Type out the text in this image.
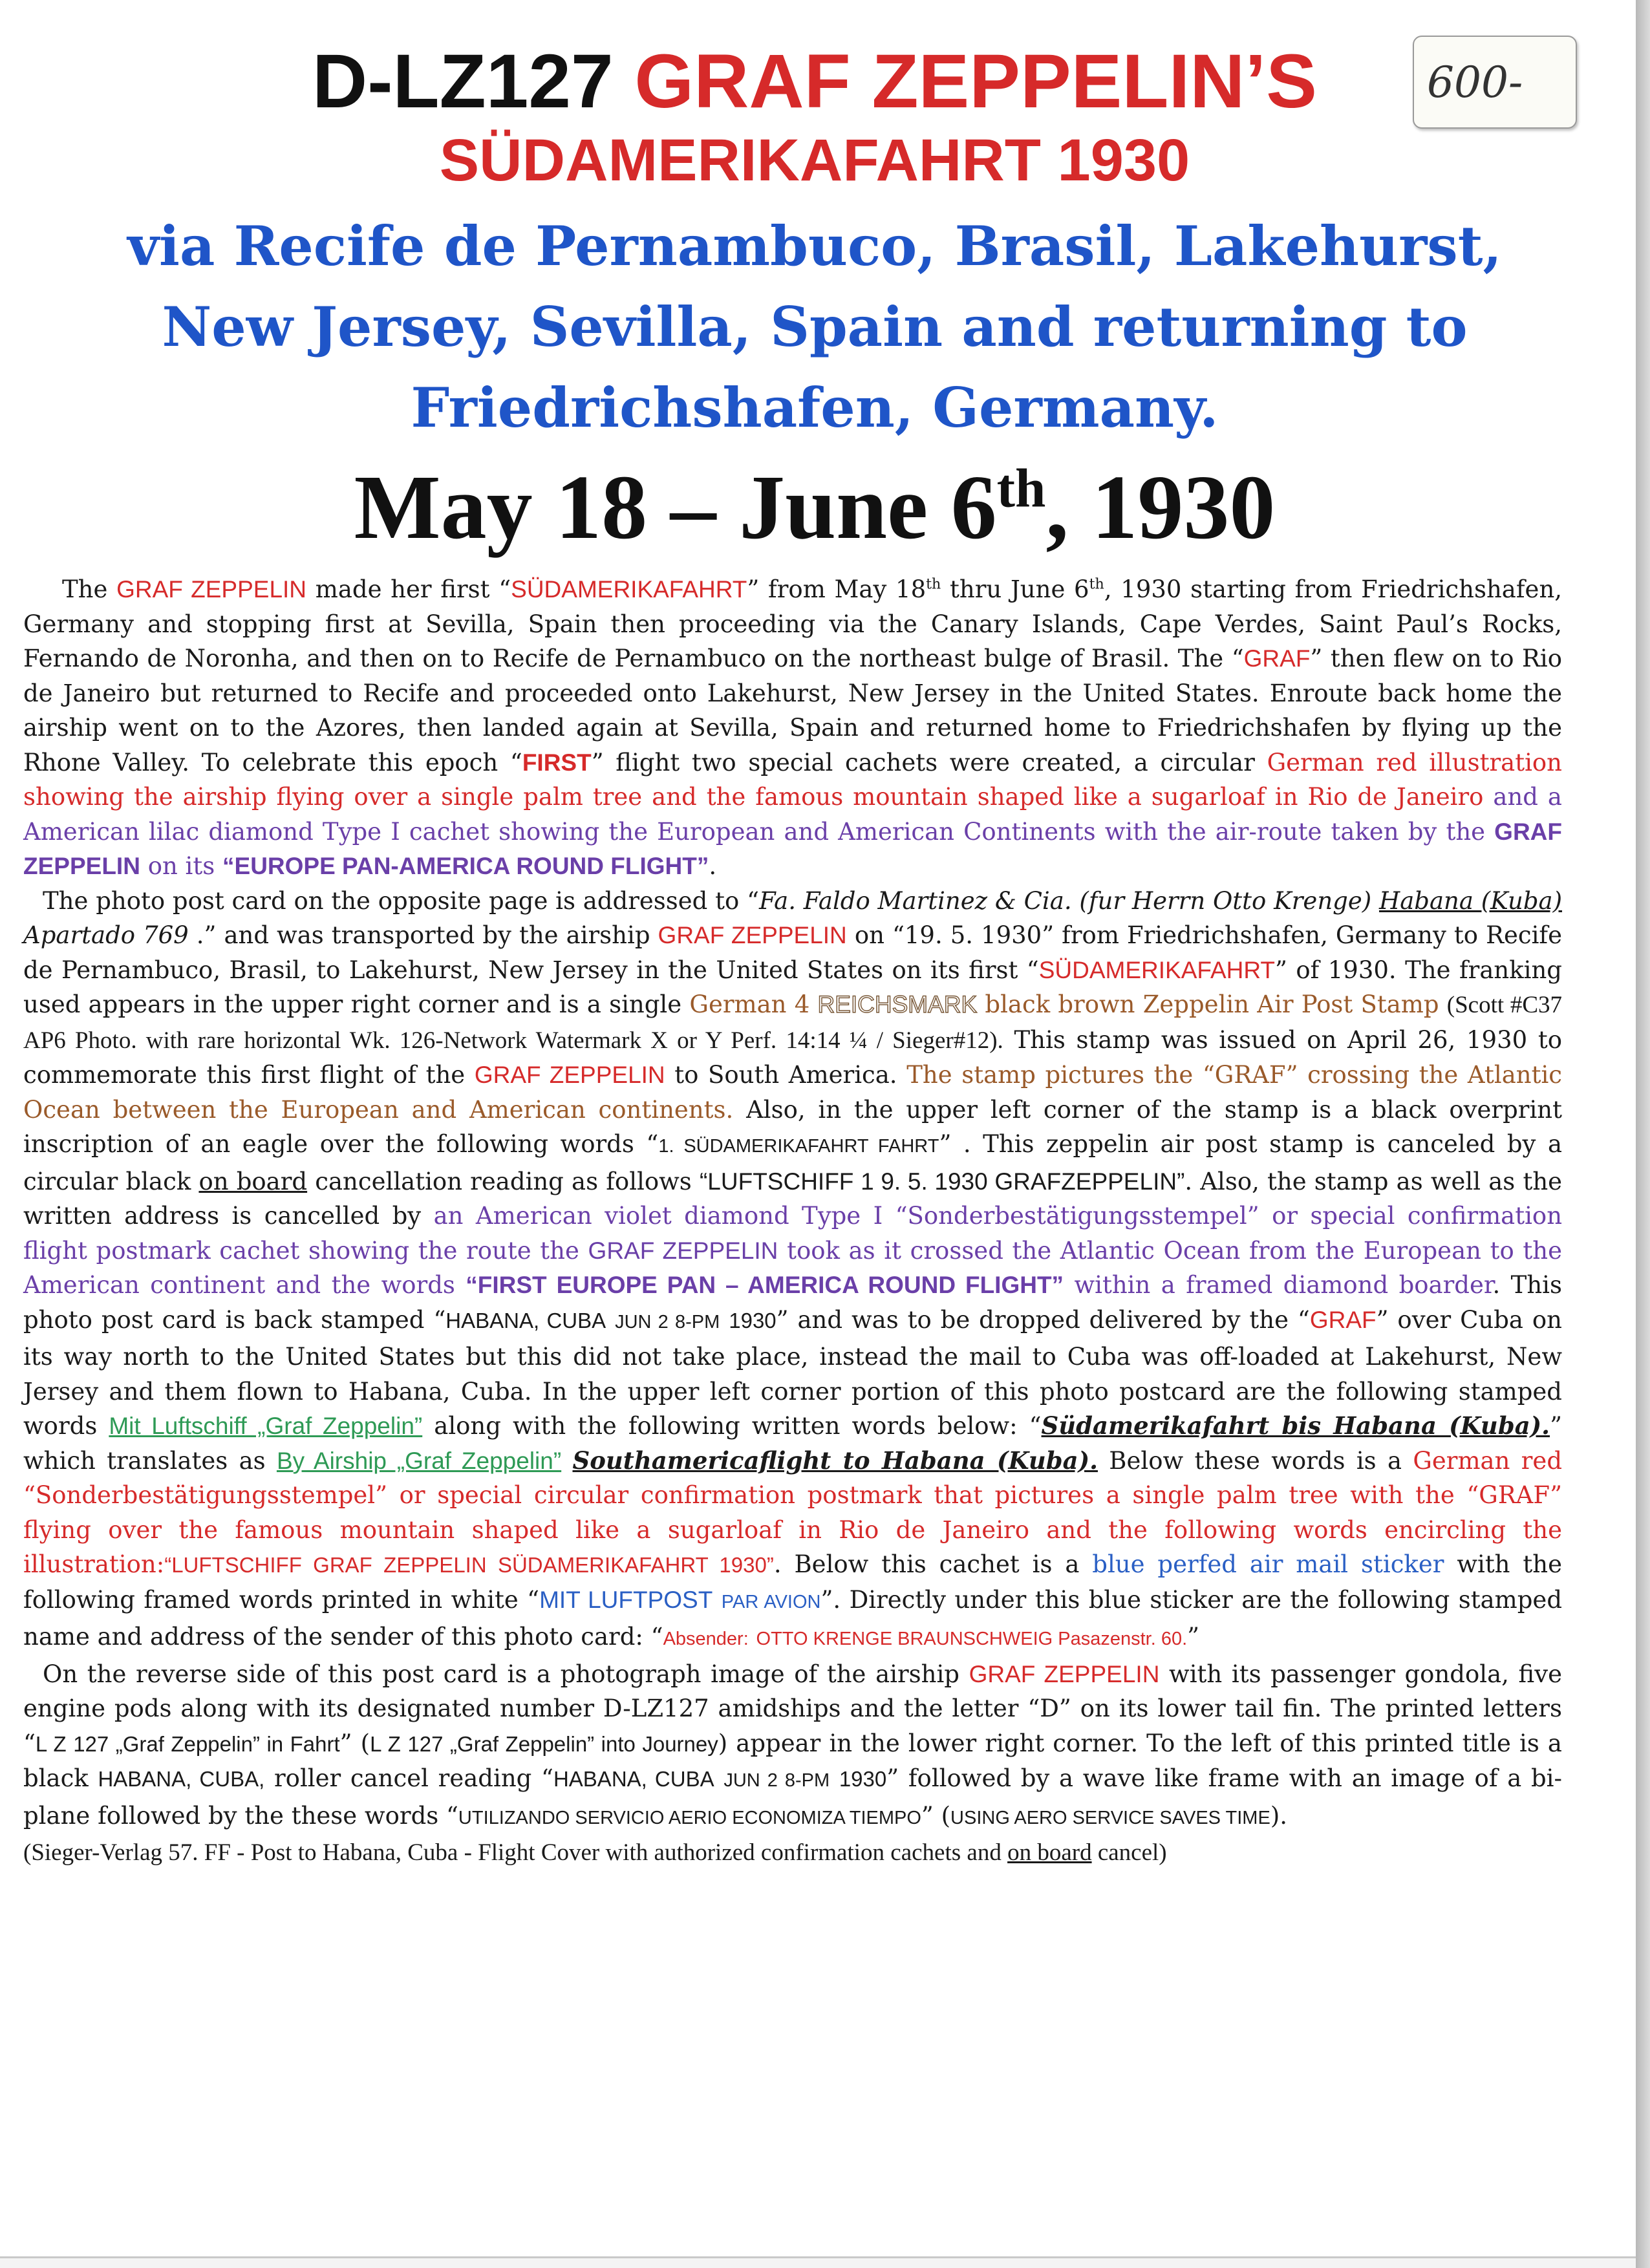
600-
D-LZ127 GRAF ZEPPELIN’S
SÜDAMERIKAFAHRT 1930
via Recife de Pernambuco, Brasil, Lakehurst,
New Jersey, Sevilla, Spain and returning to
Friedrichshafen, Germany.
May 18 – June 6th, 1930

The GRAF ZEPPELIN made her first “SÜDAMERIKAFAHRT” from May 18th thru June 6th, 1930 starting from Friedrichshafen, Germany and stopping first at Sevilla, Spain then proceeding via the Canary Islands, Cape Verdes, Saint Paul’s Rocks, Fernando de Noronha, and then on to Recife de Pernambuco on the northeast bulge of Brasil. The “GRAF” then flew on to Rio de Janeiro but returned to Recife and proceeded onto Lakehurst, New Jersey in the United States. Enroute back home the airship went on to the Azores, then landed again at Sevilla, Spain and returned home to Friedrichshafen by flying up the Rhone Valley. To celebrate this epoch “FIRST” flight two special cachets were created, a circular German red illustration showing the airship flying over a single palm tree and the famous mountain shaped like a sugarloaf in Rio de Janeiro and a American lilac diamond Type I cachet showing the European and American Continents with the air-route taken by the GRAF ZEPPELIN on its “EUROPE PAN-AMERICA ROUND FLIGHT”.

The photo post card on the opposite page is addressed to “Fa. Faldo Martinez & Cia. (fur Herrn Otto Krenge) Habana (Kuba) Apartado 769 .” and was transported by the airship GRAF ZEPPELIN on “19. 5. 1930” from Friedrichshafen, Germany to Recife de Pernambuco, Brasil, to Lakehurst, New Jersey in the United States on its first “SÜDAMERIKAFAHRT” of 1930. The franking used appears in the upper right corner and is a single German 4 REICHSMARK black brown Zeppelin Air Post Stamp (Scott #C37 AP6 Photo. with rare horizontal Wk. 126-Network Watermark X or Y Perf. 14:14 ¼ / Sieger#12). This stamp was issued on April 26, 1930 to commemorate this first flight of the GRAF ZEPPELIN to South America. The stamp pictures the “GRAF” crossing the Atlantic Ocean between the European and American continents. Also, in the upper left corner of the stamp is a black overprint inscription of an eagle over the following words “1. SÜDAMERIKAFAHRT FAHRT” . This zeppelin air post stamp is canceled by a circular black on board cancellation reading as follows “LUFTSCHIFF 1 9. 5. 1930 GRAFZEPPELIN”. Also, the stamp as well as the written address is cancelled by an American violet diamond Type I “Sonderbestätigungsstempel” or special confirmation flight postmark cachet showing the route the GRAF ZEPPELIN took as it crossed the Atlantic Ocean from the European to the American continent and the words “FIRST EUROPE PAN – AMERICA ROUND FLIGHT” within a framed diamond boarder. This photo post card is back stamped “HABANA, CUBA JUN 2 8-PM 1930” and was to be dropped delivered by the “GRAF” over Cuba on its way north to the United States but this did not take place, instead the mail to Cuba was off-loaded at Lakehurst, New Jersey and them flown to Habana, Cuba. In the upper left corner portion of this photo postcard are the following stamped words Mit Luftschiff „Graf Zeppelin” along with the following written words below: “Südamerikafahrt bis Habana (Kuba).” which translates as By Airship „Graf Zeppelin” Southamericaflight to Habana (Kuba). Below these words is a German red “Sonderbestätigungsstempel” or special circular confirmation postmark that pictures a single palm tree with the “GRAF” flying over the famous mountain shaped like a sugarloaf in Rio de Janeiro and the following words encircling the illustration:“LUFTSCHIFF GRAF ZEPPELIN SÜDAMERIKAFAHRT 1930”. Below this cachet is a blue perfed air mail sticker with the following framed words printed in white “MIT LUFTPOST PAR AVION”. Directly under this blue sticker are the following stamped name and address of the sender of this photo card: “Absender: OTTO KRENGE BRAUNSCHWEIG Pasazenstr. 60.”

On the reverse side of this post card is a photograph image of the airship GRAF ZEPPELIN with its passenger gondola, five engine pods along with its designated number D-LZ127 amidships and the letter “D” on its lower tail fin. The printed letters “L Z 127 „Graf Zeppelin” in Fahrt” (L Z 127 „Graf Zeppelin” into Journey) appear in the lower right corner. To the left of this printed title is a black HABANA, CUBA, roller cancel reading “HABANA, CUBA JUN 2 8-PM 1930” followed by a wave like frame with an image of a bi-plane followed by the these words “UTILIZANDO SERVICIO AERIO ECONOMIZA TIEMPO” (USING AERO SERVICE SAVES TIME).

(Sieger-Verlag 57. FF - Post to Habana, Cuba - Flight Cover with authorized confirmation cachets and on board cancel)
